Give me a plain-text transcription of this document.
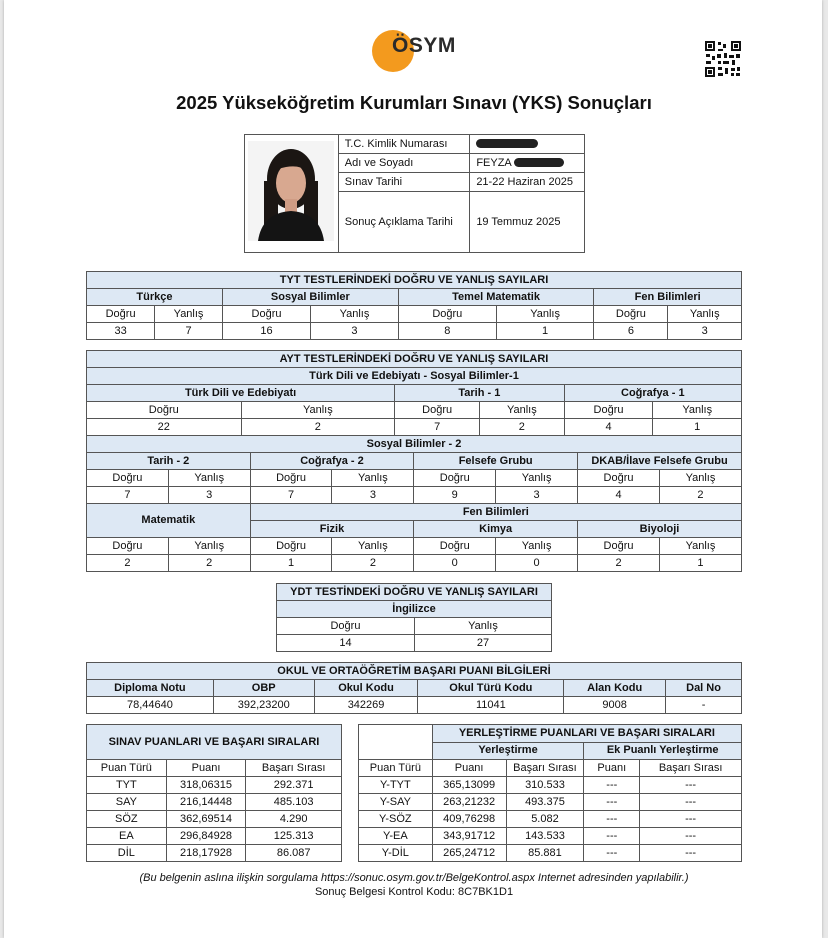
ÖSYM
2025 Yükseköğretim Kurumları Sınavı (YKS) Sonuçları
	T.C. Kimlik Numarası	
	Adı ve Soyadı	FEYZA
	Sınav Tarihi	21-22 Haziran 2025
	Sonuç Açıklama Tarihi	19 Temmuz 2025
TYT TESTLERİNDEKİ DOĞRU VE YANLIŞ SAYILARI							
Türkçe		Sosyal Bilimler		Temel Matematik		Fen Bilimleri	
Doğru	Yanlış	Doğru	Yanlış	Doğru	Yanlış	Doğru	Yanlış
33	7	16	3	8	1	6	3
AYT TESTLERİNDEKİ DOĞRU VE YANLIŞ SAYILARI					
Türk Dili ve Edebiyatı - Sosyal Bilimler-1					
Türk Dili ve Edebiyatı		Tarih - 1		Coğrafya - 1	
Doğru	Yanlış	Doğru	Yanlış	Doğru	Yanlış
22	2	7	2	4	1
Sosyal Bilimler - 2							
Tarih - 2		Coğrafya - 2		Felsefe Grubu		DKAB/İlave Felsefe Grubu	
Doğru	Yanlış	Doğru	Yanlış	Doğru	Yanlış	Doğru	Yanlış
7	3	7	3	9	3	4	2
Matematik		Fen Bilimleri					
		Fizik		Kimya		Biyoloji	
Doğru	Yanlış	Doğru	Yanlış	Doğru	Yanlış	Doğru	Yanlış
2	2	1	2	0	0	2	1
YDT TESTİNDEKİ DOĞRU VE YANLIŞ SAYILARI	
İngilizce	
Doğru	Yanlış
14	27
OKUL VE ORTAÖĞRETİM BAŞARI PUANI BİLGİLERİ					
Diploma Notu	OBP	Okul Kodu	Okul Türü Kodu	Alan Kodu	Dal No
78,44640	392,23200	342269	11041	9008	-
SINAV PUANLARI VE BAŞARI SIRALARI		
Puan Türü	Puanı	Başarı Sırası
TYT	318,06315	292.371
SAY	216,14448	485.103
SÖZ	362,69514	4.290
EA	296,84928	125.313
DİL	218,17928	86.087
	YERLEŞTİRME PUANLARI VE BAŞARI SIRALARI			
	Yerleştirme		Ek Puanlı Yerleştirme	
Puan Türü	Puanı	Başarı Sırası	Puanı	Başarı Sırası
Y-TYT	365,13099	310.533	---	---
Y-SAY	263,21232	493.375	---	---
Y-SÖZ	409,76298	5.082	---	---
Y-EA	343,91712	143.533	---	---
Y-DİL	265,24712	85.881	---	---
(Bu belgenin aslına ilişkin sorgulama https://sonuc.osym.gov.tr/BelgeKontrol.aspx Internet adresinden yapılabilir.)
Sonuç Belgesi Kontrol Kodu: 8C7BK1D1
